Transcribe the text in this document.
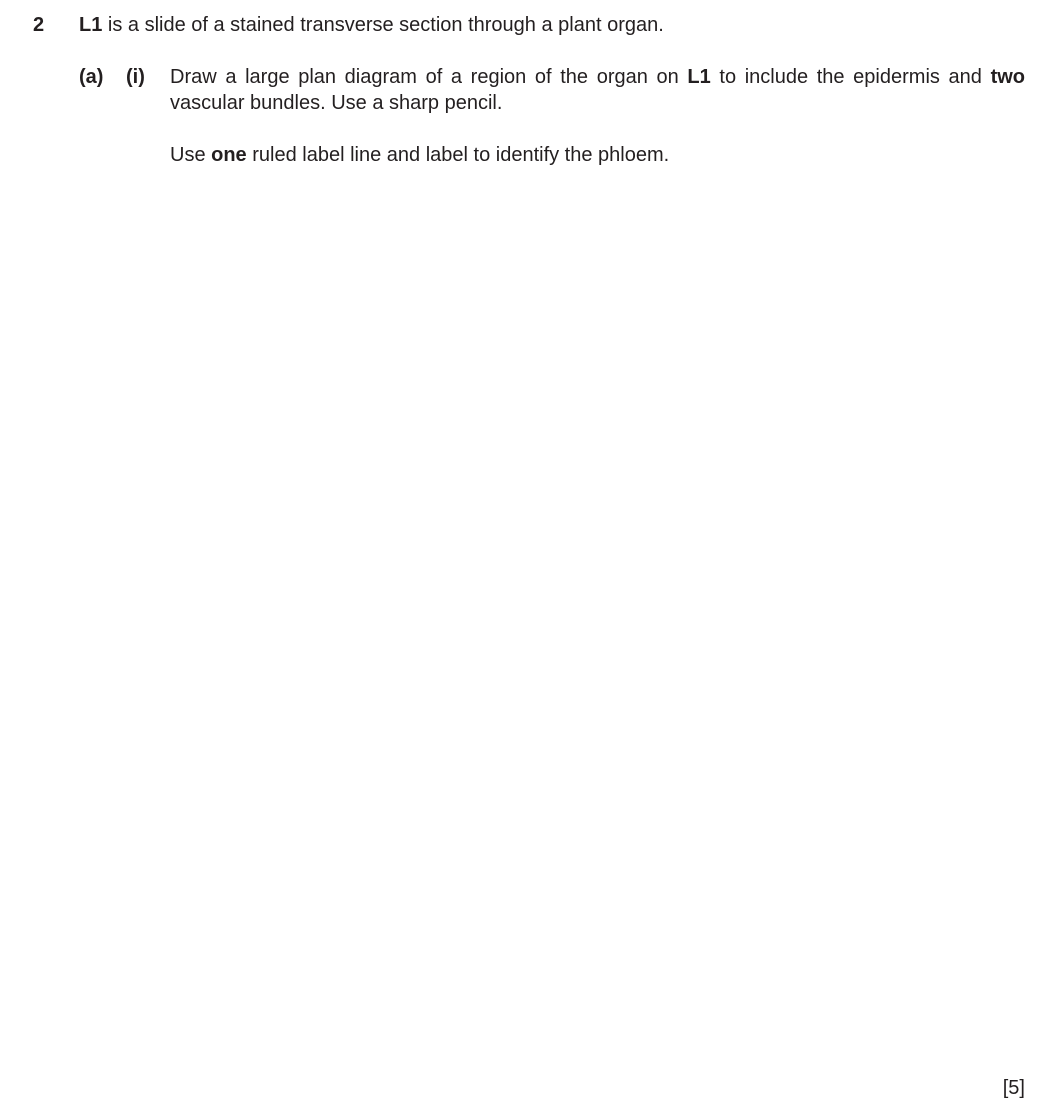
2 L1 is a slide of a stained transverse section through a plant organ.
(a) (i) Draw a large plan diagram of a region of the organ on L1 to include the epidermis and two vascular bundles. Use a sharp pencil.
Use one ruled label line and label to identify the phloem.
[5]
